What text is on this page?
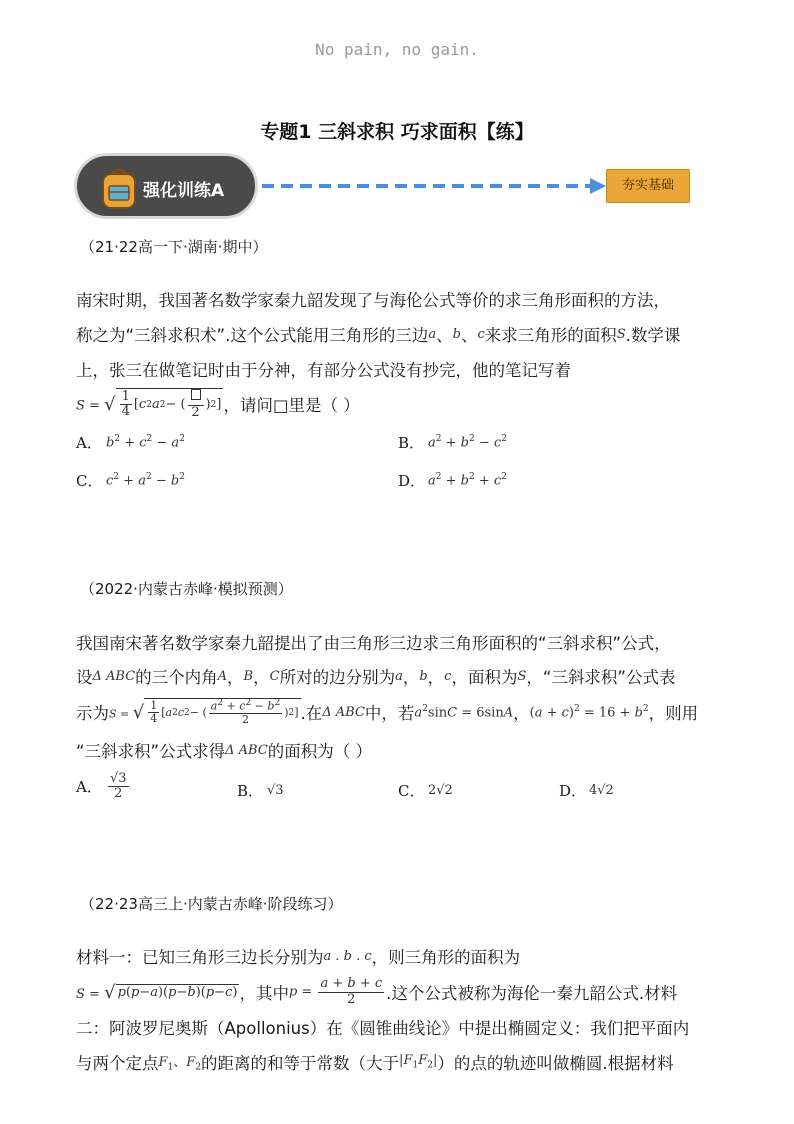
No pain, no gain.
专题1 三斜求积 巧求面积【练】
强化训练A	夯实基础
（21·22高一下·湖南·期中）
南宋时期，我国著名数学家秦九韶发现了与海伦公式等价的求三角形面积的方法，
称之为“三斜求积术”.这个公式能用三角形的三边 a 、 b 、 c 来求三角形的面积 S .数学课
上，张三在做笔记时由于分神，有部分公式没有抄完，他的笔记写着
S = √ $\frac{1}{4}$ [ c 2 a 2 − ( 2 ) 2 ] ，请问□里是（ ）
A． $b^2 + c^2 - a^2$	B． $a^2 + b^2 - c^2$
C． $c^2 + a^2 - b^2$	D． $a^2 + b^2 + c^2$
（2022·内蒙古赤峰·模拟预测）
我国南宋著名数学家秦九韶提出了由三角形三边求三角形面积的“三斜求积”公式，
设 Δ ABC 的三个内角 A ， B ， C 所对的边分别为 a ， b ， c ，面积为 S ，“三斜求积”公式表
示为 S = √ $\frac{1}{4}$ [ a 2 c 2 − ( $\frac{a^2 + c^2 - b^2}{2}$ ) 2 ] .在 Δ ABC 中，若 $a^2\sin C = 6\sin A$ ， $(a + c)^2 = 16 + b^2$ ，则用
“三斜求积”公式求得 Δ ABC 的面积为（ ）
A． $\frac{√3}{2}$	B． √3	C． 2√2	D． 4√2
（22·23高三上·内蒙古赤峰·阶段练习）
材料一：已知三角形三边长分别为 a . b . c ，则三角形的面积为
S = √ p ( p − a )( p − b )( p − c ) ，其中 $p = \frac{a + b + c}{2}$ .这个公式被称为海伦一秦九韶公式.材料
二：阿波罗尼奥斯（Apollonius）在《圆锥曲线论》中提出椭圆定义：我们把平面内
与两个定点 $F_1$、$F_2$ 的距离的和等于常数（大于 $|F_1F_2|$ ）的点的轨迹叫做椭圆.根据材料
